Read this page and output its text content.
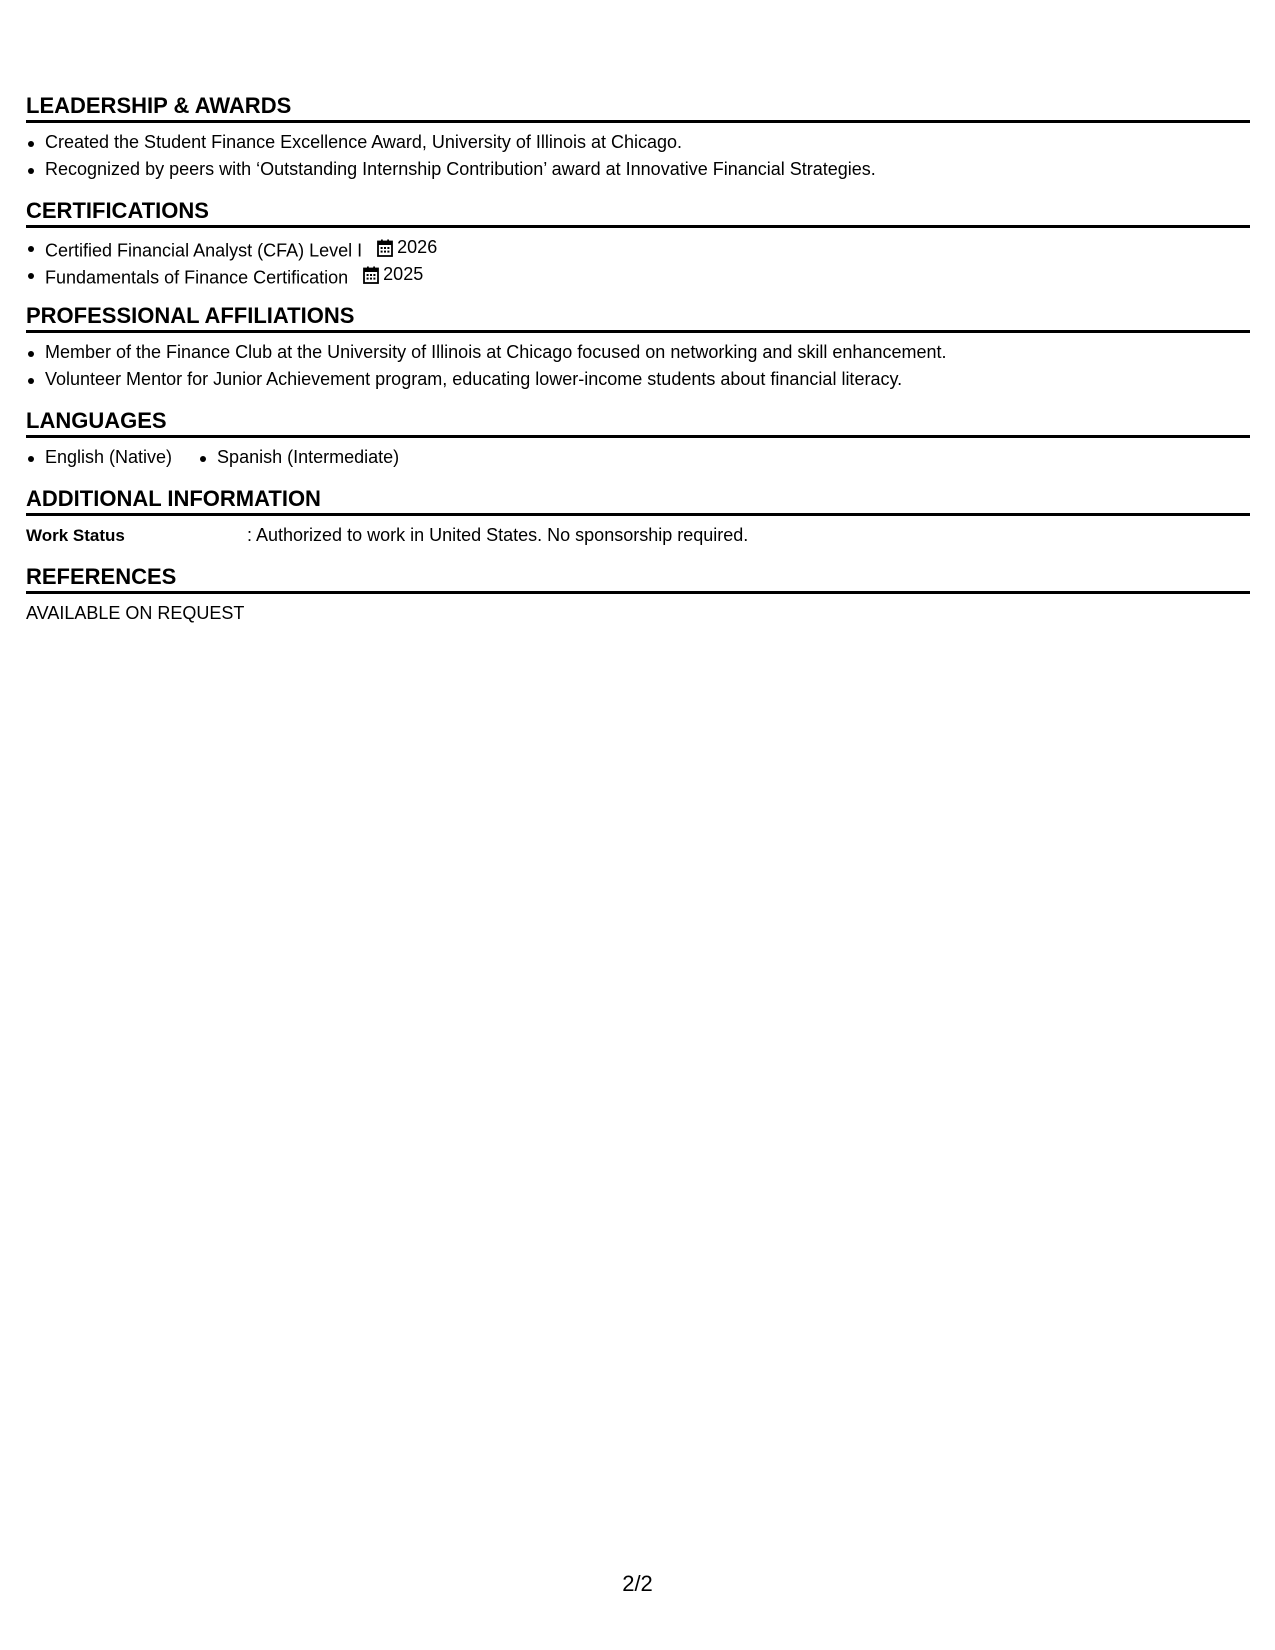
LEADERSHIP & AWARDS
Created the Student Finance Excellence Award, University of Illinois at Chicago.
Recognized by peers with ‘Outstanding Internship Contribution’ award at Innovative Financial Strategies.
CERTIFICATIONS
Certified Financial Analyst (CFA) Level I 2026
Fundamentals of Finance Certification 2025
PROFESSIONAL AFFILIATIONS
Member of the Finance Club at the University of Illinois at Chicago focused on networking and skill enhancement.
Volunteer Mentor for Junior Achievement program, educating lower-income students about financial literacy.
LANGUAGES
English (Native)	Spanish (Intermediate)
ADDITIONAL INFORMATION
Work Status	: Authorized to work in United States. No sponsorship required.
REFERENCES
AVAILABLE ON REQUEST
2/2
